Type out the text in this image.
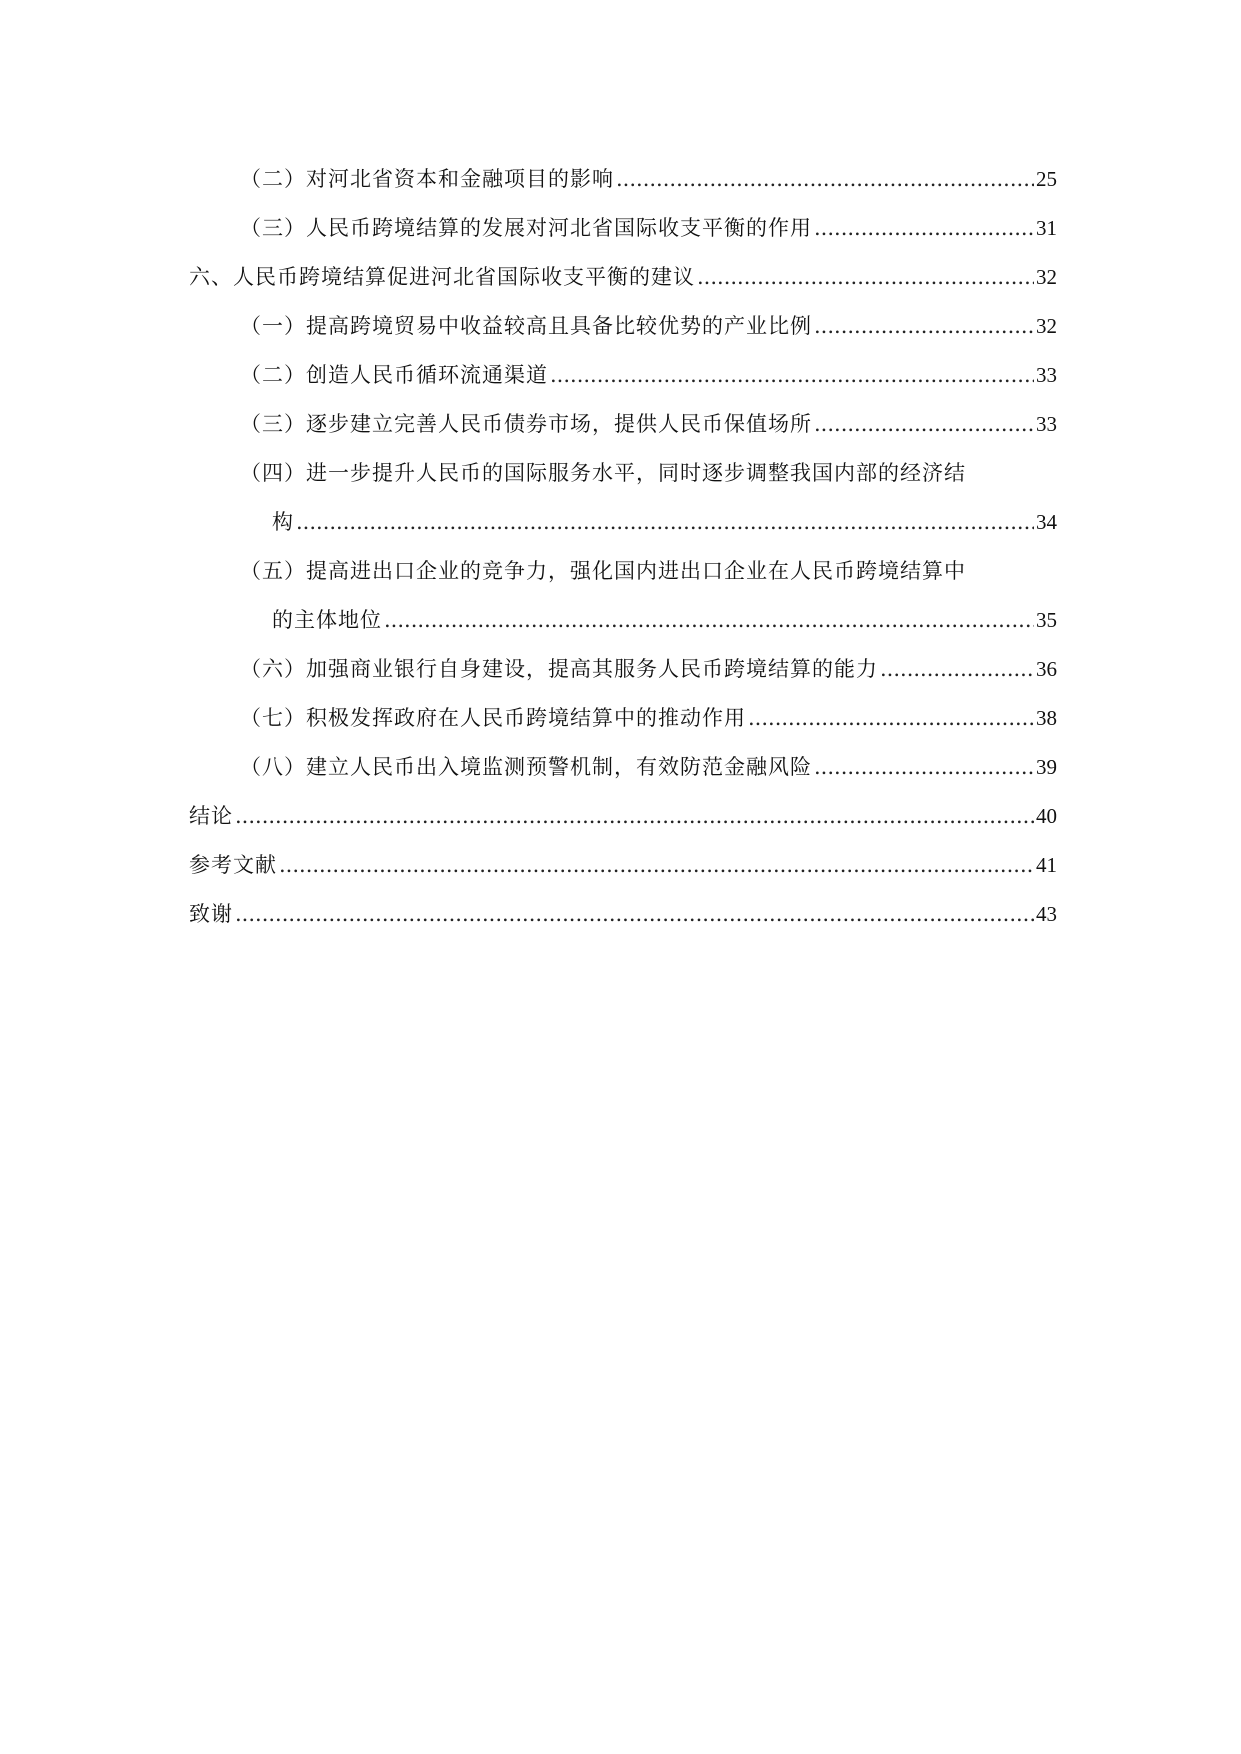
（二）对河北省资本和金融项目的影响 .....	25
（三）人民币跨境结算的发展对河北省国际收支平衡的作用 .....	31
六、人民币跨境结算促进河北省国际收支平衡的建议 .....	32
（一）提高跨境贸易中收益较高且具备比较优势的产业比例 .....	32
（二）创造人民币循环流通渠道 .....	33
（三）逐步建立完善人民币债券市场，提供人民币保值场所 .....	33
（四）进一步提升人民币的国际服务水平，同时逐步调整我国内部的经济结
构 .....	34
（五）提高进出口企业的竞争力，强化国内进出口企业在人民币跨境结算中
的主体地位 .....	35
（六）加强商业银行自身建设，提高其服务人民币跨境结算的能力 .....	36
（七）积极发挥政府在人民币跨境结算中的推动作用 .....	38
（八）建立人民币出入境监测预警机制，有效防范金融风险 .....	39
结论 .....	40
参考文献 .....	41
致谢 .....	43
